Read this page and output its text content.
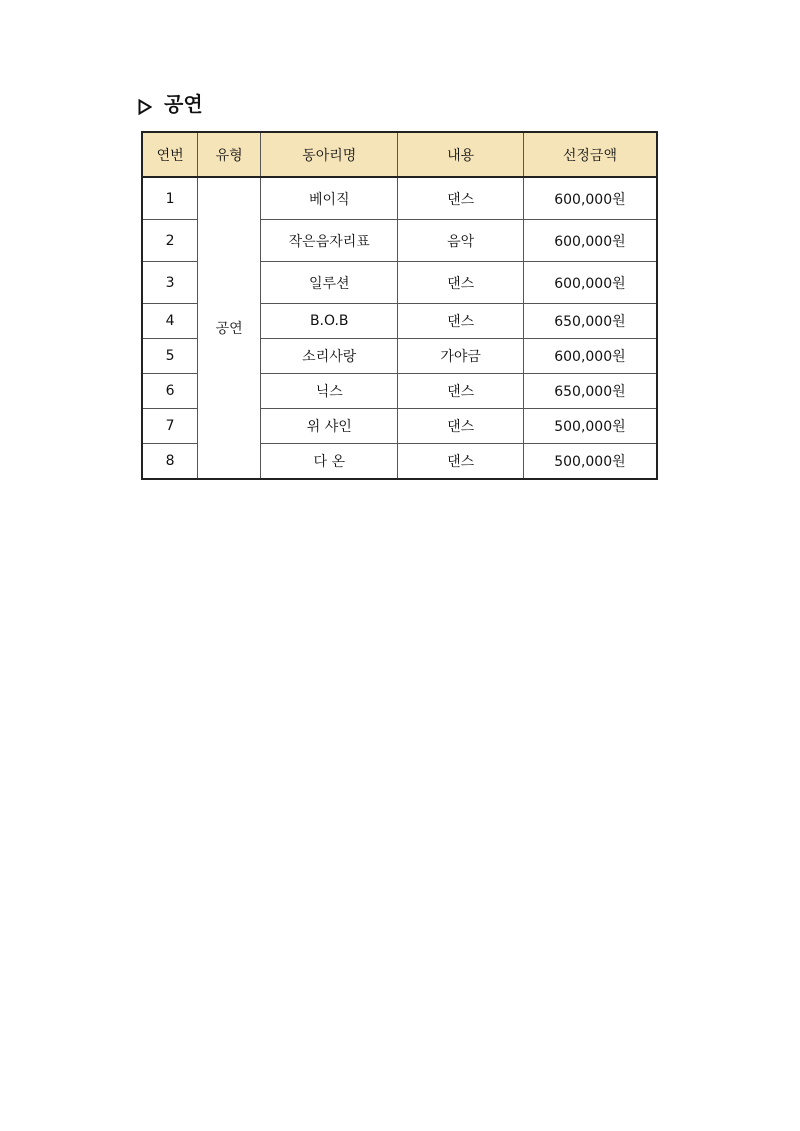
공연
연번	유형	동아리명	내용	선정금액
1	공연	베이직	댄스	600,000원
2		작은음자리표	음악	600,000원
3		일루션	댄스	600,000원
4		B.O.B	댄스	650,000원
5		소리사랑	가야금	600,000원
6		닉스	댄스	650,000원
7		위 샤인	댄스	500,000원
8		다 온	댄스	500,000원
